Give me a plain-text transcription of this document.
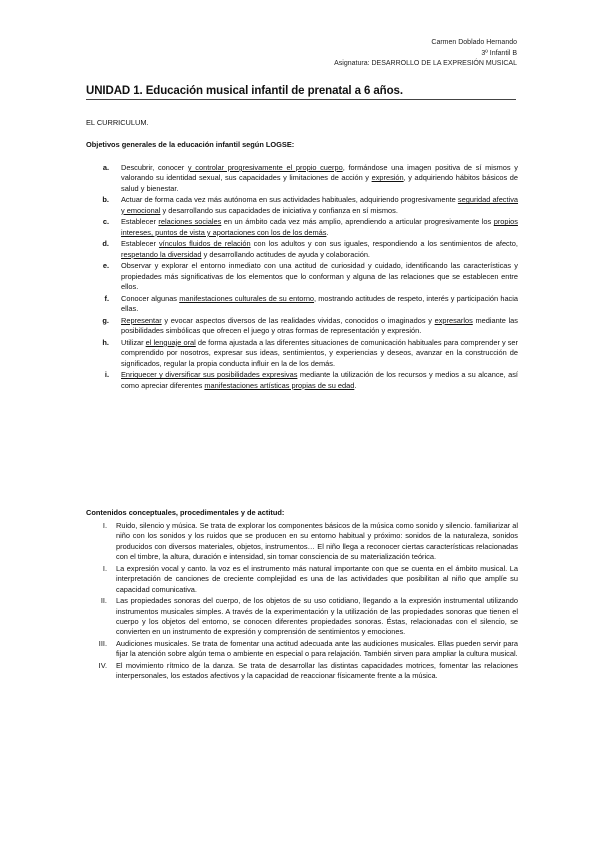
Carmen Doblado Hernando
3º Infantil B
Asignatura: DESARROLLO DE LA EXPRESIÓN MUSICAL
UNIDAD 1. Educación musical infantil de prenatal a 6 años.

EL CURRICULUM.

Objetivos generales de la educación infantil según LOGSE:

a.	Descubrir, conocer y controlar progresivamente el propio cuerpo, formándose una imagen positiva de sí mismos y valorando su identidad sexual, sus capacidades y limitaciones de acción y expresión, y adquiriendo hábitos básicos de salud y bienestar.
b.	Actuar de forma cada vez más autónoma en sus actividades habituales, adquiriendo progresivamente seguridad afectiva y emocional y desarrollando sus capacidades de iniciativa y confianza en sí mismos.
c.	Establecer relaciones sociales en un ámbito cada vez más amplio, aprendiendo a articular progresivamente los propios intereses, puntos de vista y aportaciones con los de los demás.
d.	Establecer vínculos fluidos de relación con los adultos y con sus iguales, respondiendo a los sentimientos de afecto, respetando la diversidad y desarrollando actitudes de ayuda y colaboración.
e.	Observar y explorar el entorno inmediato con una actitud de curiosidad y cuidado, identificando las características y propiedades más significativas de los elementos que lo conforman y alguna de las relaciones que se establecen entre ellos.
f.	Conocer algunas manifestaciones culturales de su entorno, mostrando actitudes de respeto, interés y participación hacia ellas.
g.	Representar y evocar aspectos diversos de las realidades vividas, conocidos o imaginados y expresarlos mediante las posibilidades simbólicas que ofrecen el juego y otras formas de representación y expresión.
h.	Utilizar el lenguaje oral de forma ajustada a las diferentes situaciones de comunicación habituales para comprender y ser comprendido por nosotros, expresar sus ideas, sentimientos, y experiencias y deseos, avanzar en la construcción de significados, regular la propia conducta influir en la de los demás.
i.	Enriquecer y diversificar sus posibilidades expresivas mediante la utilización de los recursos y medios a su alcance, así como apreciar diferentes manifestaciones artísticas propias de su edad.

Contenidos conceptuales, procedimentales y de actitud:

I.	Ruido, silencio y música. Se trata de explorar los componentes básicos de la música como sonido y silencio. familiarizar al niño con los sonidos y los ruidos que se producen en su entorno habitual y próximo: sonidos de la naturaleza, sonidos producidos con diversos materiales, objetos, instrumentos… El niño llega a reconocer ciertas características relacionadas con el timbre, la altura, duración e intensidad, sin tomar consciencia de su materialización teórica.
I.	La expresión vocal y canto. la voz es el instrumento más natural importante con que se cuenta en el ámbito musical. La interpretación de canciones de creciente complejidad es una de las actividades que posibilitan al niño que amplíe su capacidad comunicativa.
II.	Las propiedades sonoras del cuerpo, de los objetos de su uso cotidiano, llegando a la expresión instrumental utilizando instrumentos musicales simples. A través de la experimentación y la utilización de las propiedades sonoras que tienen el cuerpo y los objetos del entorno, se conocen diferentes propiedades sonoras. Éstas, relacionadas con el silencio, se convierten en un instrumento de expresión y comprensión de sentimientos y emociones.
III.	Audiciones musicales. Se trata de fomentar una actitud adecuada ante las audiciones musicales. Ellas pueden servir para fijar la atención sobre algún tema o ambiente en especial o para relajación. También sirven para ampliar la cultura musical.
IV.	El movimiento rítmico de la danza. Se trata de desarrollar las distintas capacidades motrices, fomentar las relaciones interpersonales, los estados afectivos y la capacidad de reaccionar físicamente frente a la música.
